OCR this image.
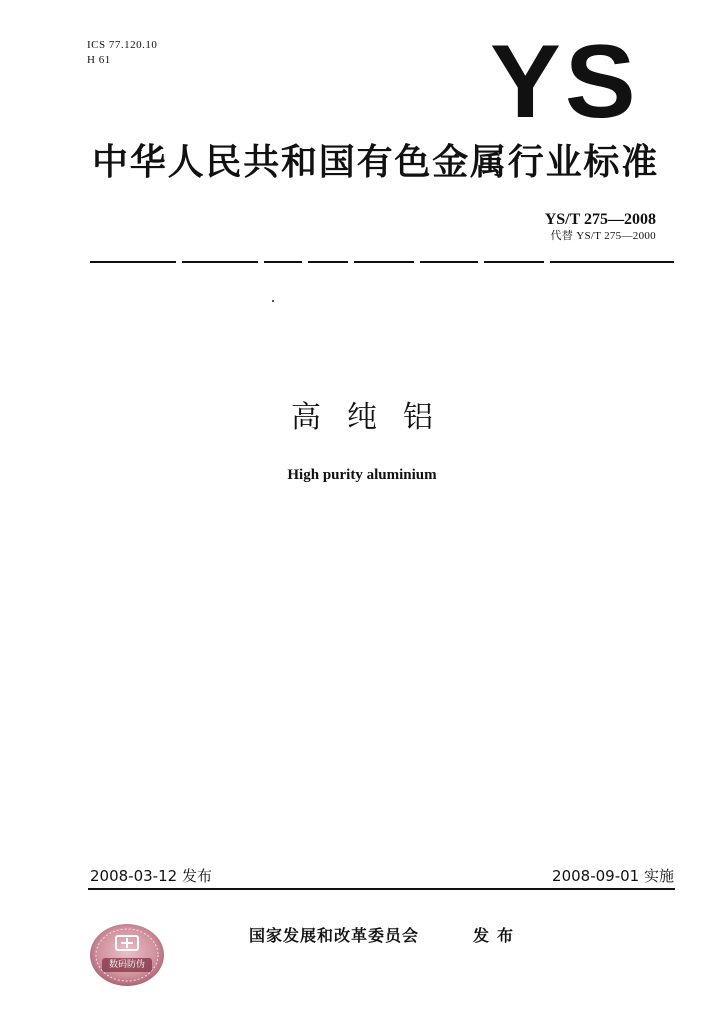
ICS 77.120.10
H 61	YS
中华人民共和国有色金属行业标准
YS/T 275—2008
代替 YS/T 275—2000
高纯铝
High purity aluminium
2008-03-12 发布	2008-09-01 实施
数码防伪
国家发展和改革委员会	发布
